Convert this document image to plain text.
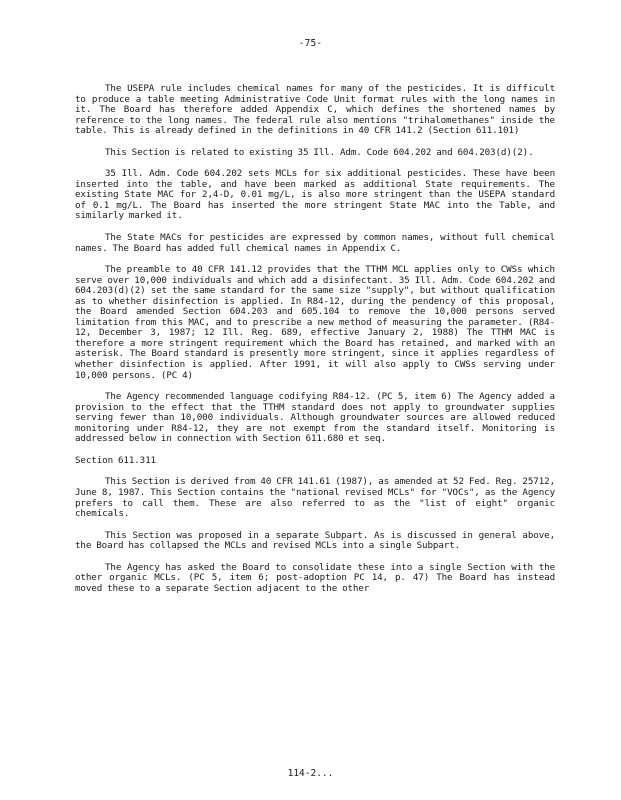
-75-

The USEPA rule includes chemical names for many of the pesticides. It is difficult to produce a table meeting Administrative Code Unit format rules with the long names in it. The Board has therefore added Appendix C, which defines the shortened names by reference to the long names. The federal rule also mentions "trihalomethanes" inside the table. This is already defined in the definitions in 40 CFR 141.2 (Section 611.101)

This Section is related to existing 35 Ill. Adm. Code 604.202 and 604.203(d)(2).

35 Ill. Adm. Code 604.202 sets MCLs for six additional pesticides. These have been inserted into the table, and have been marked as additional State requirements. The existing State MAC for 2,4-D, 0.01 mg/L, is also more stringent than the USEPA standard of 0.1 mg/L. The Board has inserted the more stringent State MAC into the Table, and similarly marked it.

The State MACs for pesticides are expressed by common names, without full chemical names. The Board has added full chemical names in Appendix C.

The preamble to 40 CFR 141.12 provides that the TTHM MCL applies only to CWSs which serve over 10,000 individuals and which add a disinfectant. 35 Ill. Adm. Code 604.202 and 604.203(d)(2) set the same standard for the same size "supply", but without qualification as to whether disinfection is applied. In R84-12, during the pendency of this proposal, the Board amended Section 604.203 and 605.104 to remove the 10,000 persons served limitation from this MAC, and to prescribe a new method of measuring the parameter. (R84-12, December 3, 1987; 12 Ill. Reg. 689, effective January 2, 1988) The TTHM MAC is therefore a more stringent requirement which the Board has retained, and marked with an asterisk. The Board standard is presently more stringent, since it applies regardless of whether disinfection is applied. After 1991, it will also apply to CWSs serving under 10,000 persons. (PC 4)

The Agency recommended language codifying R84-12. (PC 5, item 6) The Agency added a provision to the effect that the TTHM standard does not apply to groundwater supplies serving fewer than 10,000 individuals. Although groundwater sources are allowed reduced monitoring under R84-12, they are not exempt from the standard itself. Monitoring is addressed below in connection with Section 611.680 et seq.

Section 611.311

This Section is derived from 40 CFR 141.61 (1987), as amended at 52 Fed. Reg. 25712, June 8, 1987. This Section contains the "national revised MCLs" for "VOCs", as the Agency prefers to call them. These are also referred to as the "list of eight" organic chemicals.

This Section was proposed in a separate Subpart. As is discussed in general above, the Board has collapsed the MCLs and revised MCLs into a single Subpart.

The Agency has asked the Board to consolidate these into a single Section with the other organic MCLs. (PC 5, item 6; post-adoption PC 14, p. 47) The Board has instead moved these to a separate Section adjacent to the other

114-2...
